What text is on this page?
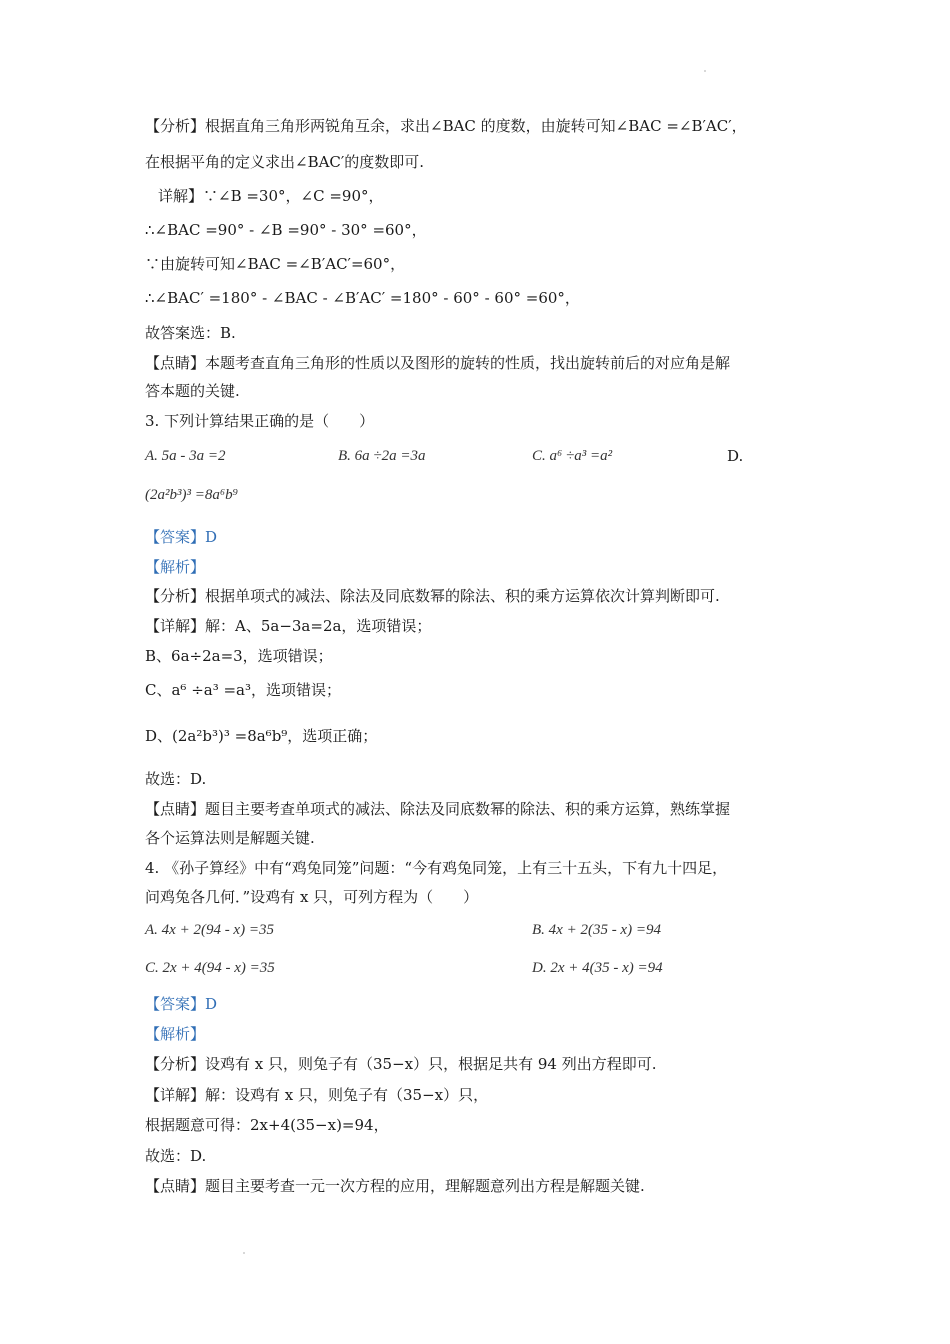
【分析】根据直角三角形两锐角互余，求出∠BAC 的度数，由旋转可知∠BAC =∠B′AC′，
在根据平角的定义求出∠BAC′的度数即可.
详解】∵∠B =30°，∠C =90°，
∴∠BAC =90° - ∠B =90° - 30° =60°，
∵由旋转可知∠BAC =∠B′AC′=60°，
∴∠BAC′ =180° - ∠BAC - ∠B′AC′ =180° - 60° - 60° =60°，
故答案选：B.
【点睛】本题考查直角三角形的性质以及图形的旋转的性质，找出旋转前后的对应角是解
答本题的关键.
3. 下列计算结果正确的是（　　）
A. 5a - 3a =2	B. 6a ÷2a =3a	C. a⁶ ÷a³ =a²	D.
(2a²b³)³ =8a⁶b⁹
【答案】D
【解析】
【分析】根据单项式的减法、除法及同底数幂的除法、积的乘方运算依次计算判断即可.
【详解】解：A、5a−3a=2a，选项错误；
B、6a÷2a=3，选项错误；
C、a⁶ ÷a³ =a³，选项错误；
D、(2a²b³)³ =8a⁶b⁹，选项正确；
故选：D.
【点睛】题目主要考查单项式的减法、除法及同底数幂的除法、积的乘方运算，熟练掌握
各个运算法则是解题关键.
4. 《孙子算经》中有“鸡兔同笼”问题：“今有鸡兔同笼，上有三十五头，下有九十四足，
问鸡兔各几何．”设鸡有 x 只，可列方程为（　　）
A. 4x + 2(94 - x) =35	B. 4x + 2(35 - x) =94
C. 2x + 4(94 - x) =35	D. 2x + 4(35 - x) =94
【答案】D
【解析】
【分析】设鸡有 x 只，则兔子有（35−x）只，根据足共有 94 列出方程即可.
【详解】解：设鸡有 x 只，则兔子有（35−x）只，
根据题意可得：2x+4(35−x)=94，
故选：D.
【点睛】题目主要考查一元一次方程的应用，理解题意列出方程是解题关键.
